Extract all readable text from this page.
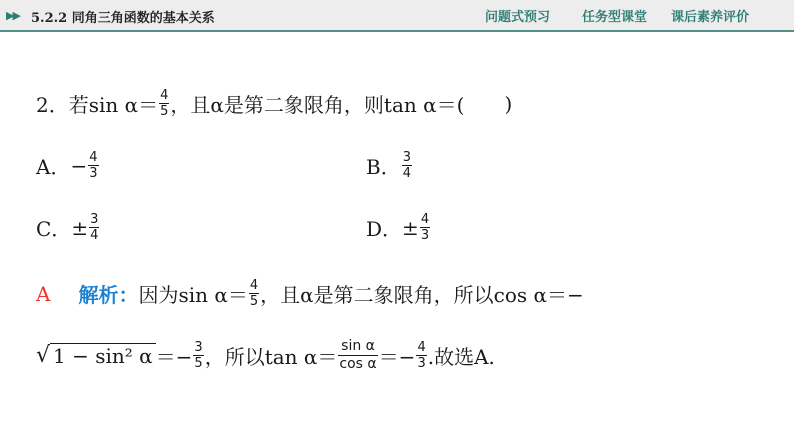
▶▶ 5.2.2 同角三角函数的基本关系	问题式预习 任务型课堂 课后素养评价
2． 若$\sin \alpha= \frac{4}{5}$ ，且α是第二象限角，则tan α＝( )
A． − $\frac{4}{3}$	B． $\frac{3}{4}$
C． ± $\frac{3}{4}$	D． ± $\frac{4}{3}$
A 解析： 因为$\sin \alpha= \frac{4}{5}$ ，且α是第二象限角，所以cos α＝−
√ 1 − sin² $\alpha =- \frac{3}{5}$ ，所以$\tan \alpha= \frac{\text{sin α}}{\text{cos α}} =- \frac{4}{3}$ .故选A.
